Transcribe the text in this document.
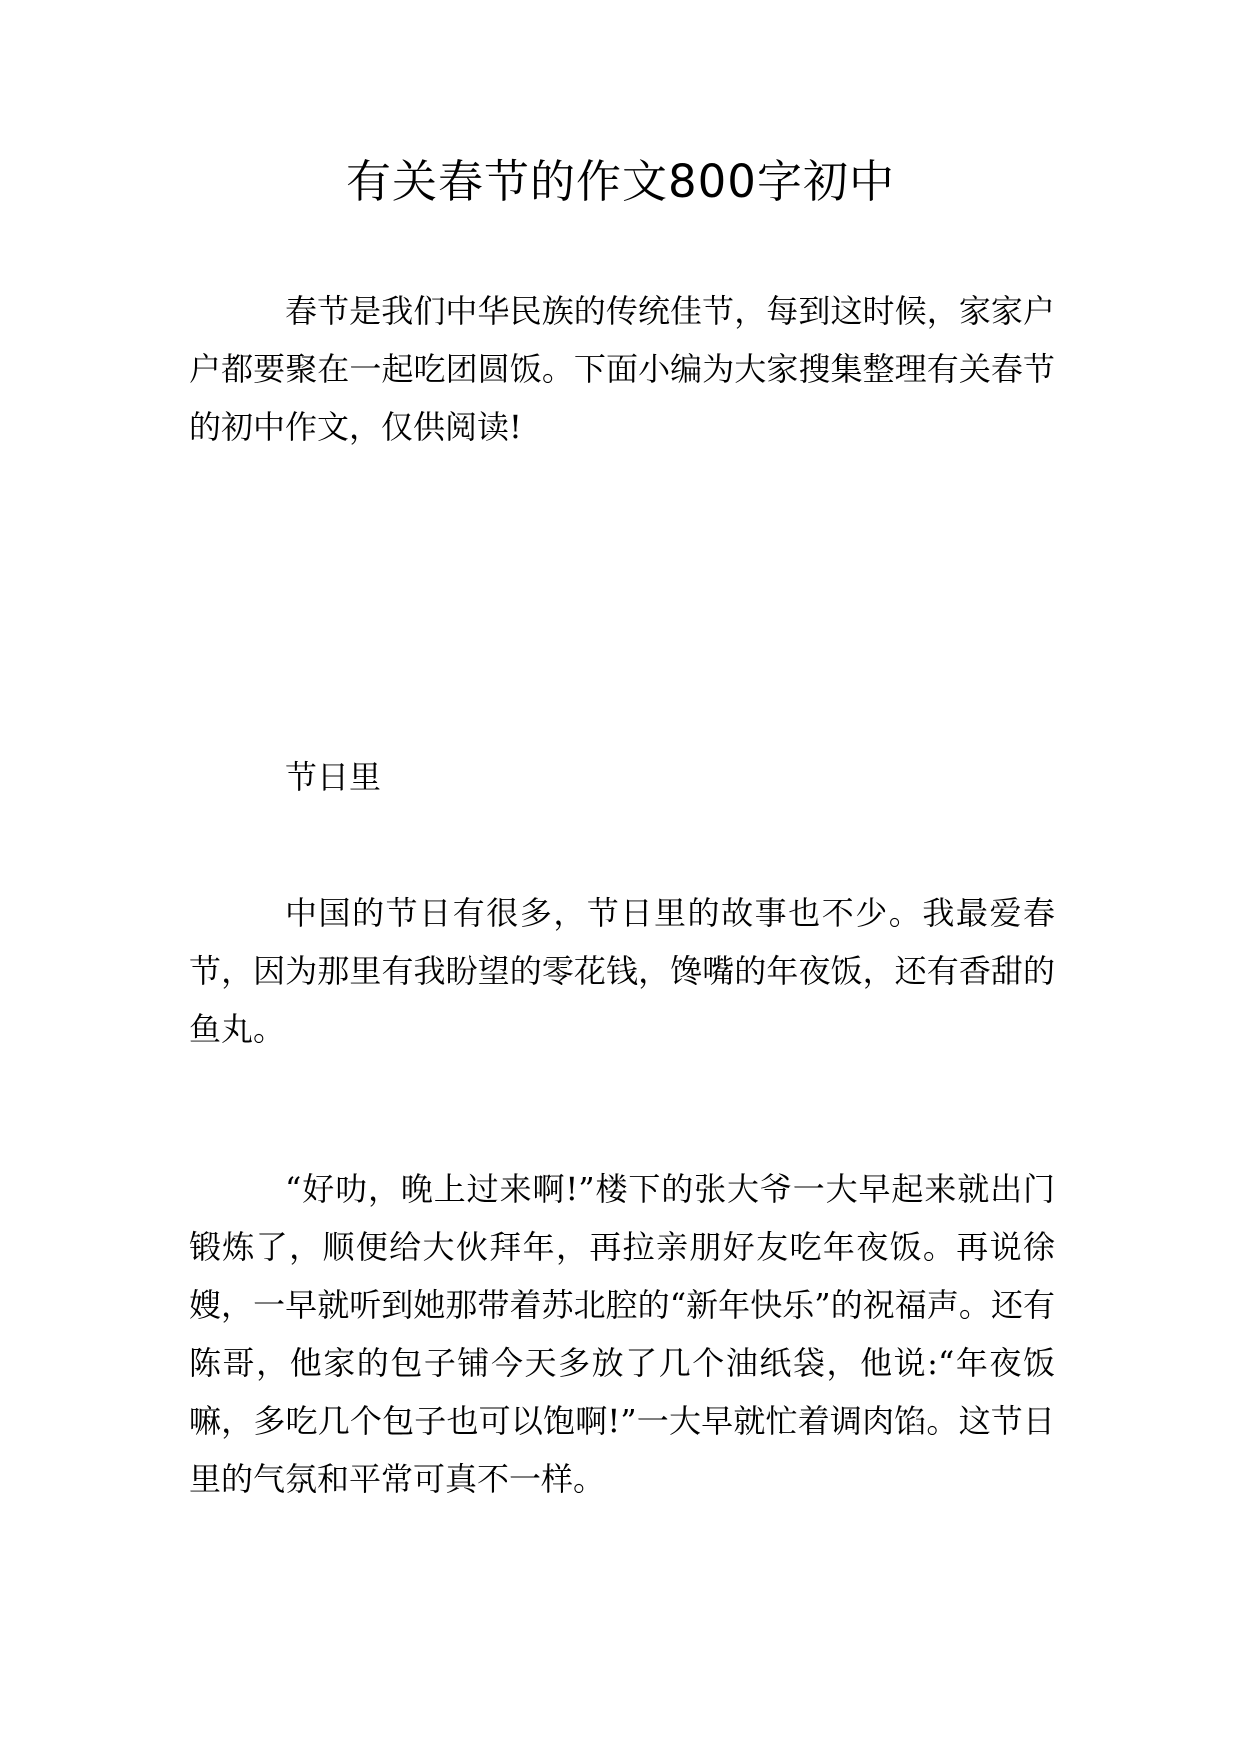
有关春节的作文800字初中

春节是我们中华民族的传统佳节，每到这时候，家家户户都要聚在一起吃团圆饭。下面小编为大家搜集整理有关春节的初中作文，仅供阅读!

节日里

中国的节日有很多，节日里的故事也不少。我最爱春节，因为那里有我盼望的零花钱，馋嘴的年夜饭，还有香甜的鱼丸。

“好叻，晚上过来啊!”楼下的张大爷一大早起来就出门锻炼了，顺便给大伙拜年，再拉亲朋好友吃年夜饭。再说徐嫂，一早就听到她那带着苏北腔的“新年快乐”的祝福声。还有陈哥，他家的包子铺今天多放了几个油纸袋，他说:“年夜饭嘛，多吃几个包子也可以饱啊!”一大早就忙着调肉馅。这节日里的气氛和平常可真不一样。
